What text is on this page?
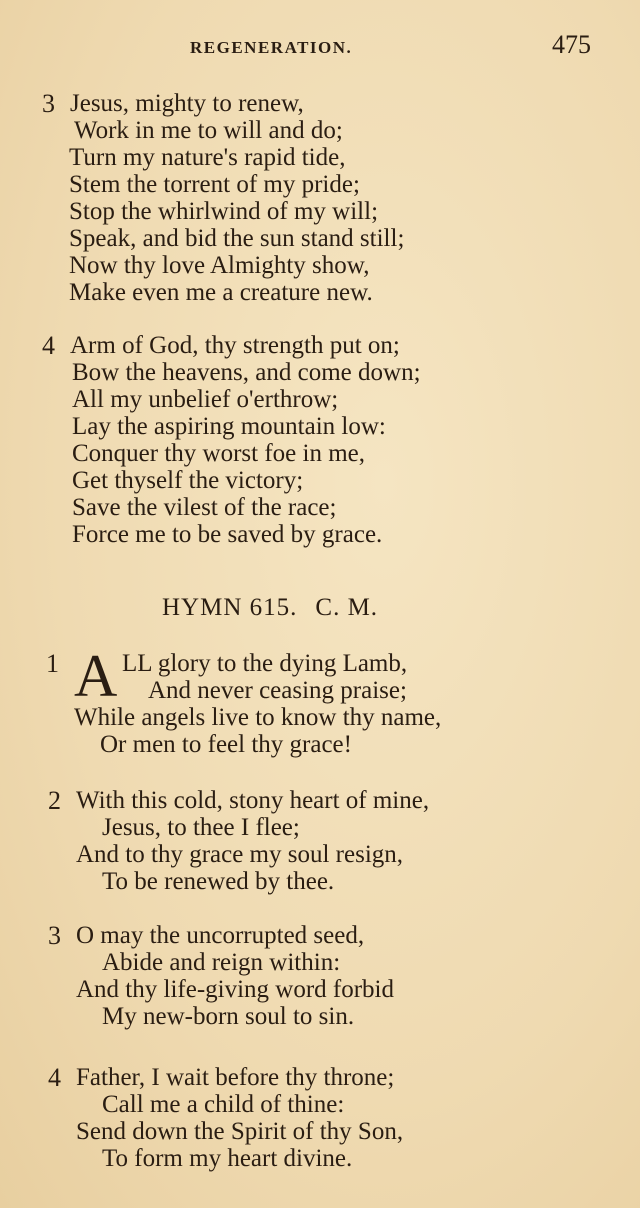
REGENERATION.	475
3 Jesus, mighty to renew,
Work in me to will and do;
Turn my nature's rapid tide,
Stem the torrent of my pride;
Stop the whirlwind of my will;
Speak, and bid the sun stand still;
Now thy love Almighty show,
Make even me a creature new.
4 Arm of God, thy strength put on;
Bow the heavens, and come down;
All my unbelief o'erthrow;
Lay the aspiring mountain low:
Conquer thy worst foe in me,
Get thyself the victory;
Save the vilest of the race;
Force me to be saved by grace.
HYMN 615. C. M.
1 A LL glory to the dying Lamb,
And never ceasing praise;
While angels live to know thy name,
Or men to feel thy grace!
2 With this cold, stony heart of mine,
Jesus, to thee I flee;
And to thy grace my soul resign,
To be renewed by thee.
3 O may the uncorrupted seed,
Abide and reign within:
And thy life-giving word forbid
My new-born soul to sin.
4 Father, I wait before thy throne;
Call me a child of thine:
Send down the Spirit of thy Son,
To form my heart divine.
